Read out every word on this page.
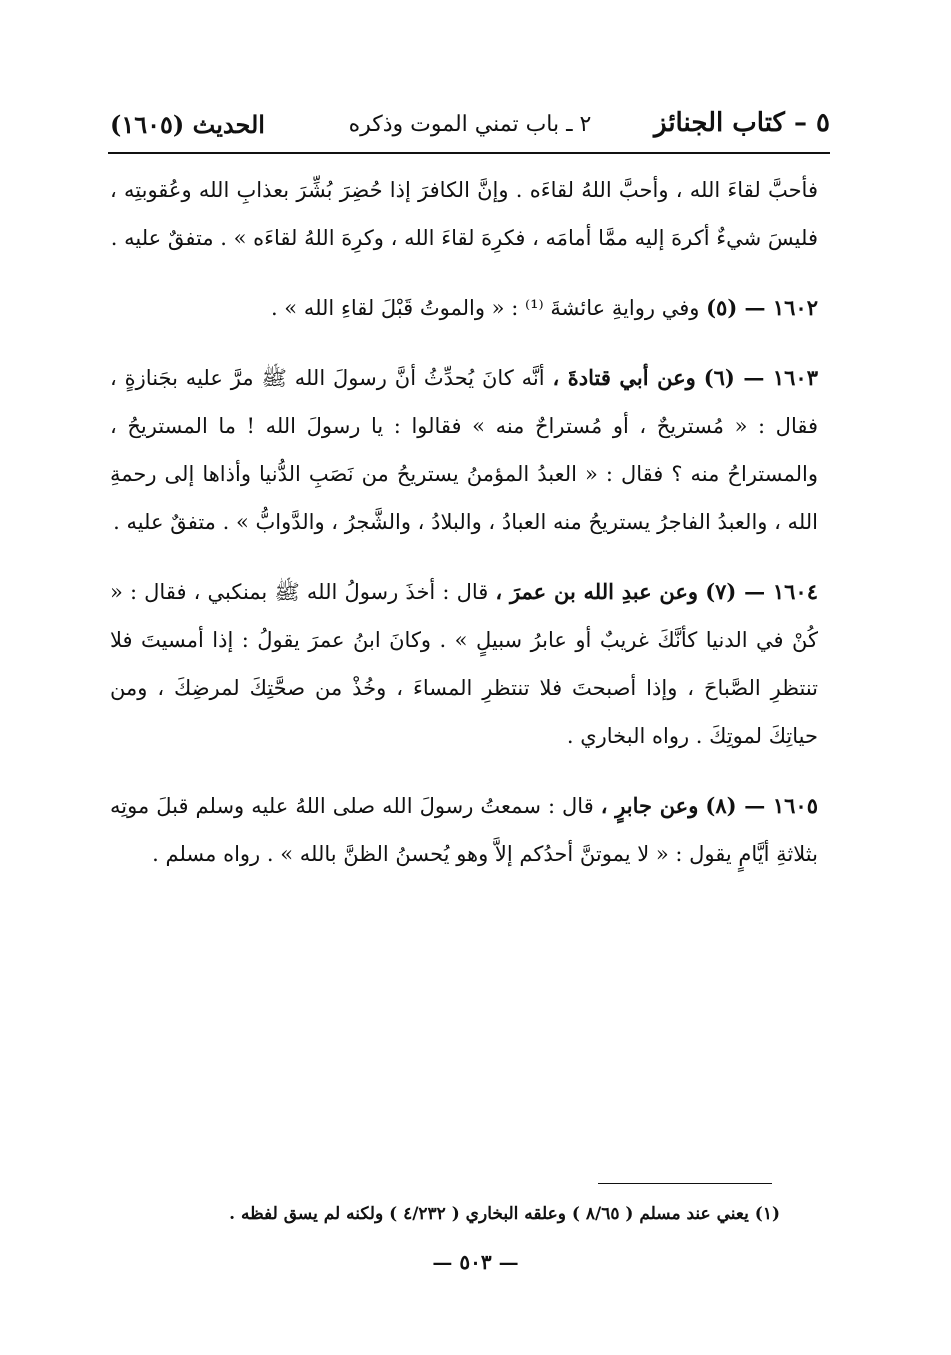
٥ – كتاب الجنائز
٢ ـ باب تمني الموت وذكره
الحديث (١٦٠٥)

فأحبَّ لقاءَ الله ، وأحبَّ اللهُ لقاءَه . وإنَّ الكافرَ إذا حُضِرَ بُشِّرَ بعذابِ الله وعُقوبتِه ، فليسَ شيءٌ أكرهَ إليه ممَّا أمامَه ، فكرِهَ لقاءَ الله ، وكرِهَ اللهُ لقاءَه » . متفقٌ عليه .

١٦٠٢ — (٥) وفي روايةِ عائشةَ ⁽¹⁾ : « والموتُ قَبْلَ لقاءِ الله » .

١٦٠٣ — (٦) وعن أبي قتادةَ ، أنَّه كانَ يُحدِّثُ أنَّ رسولَ الله ﷺ مرَّ عليه بجَنازةٍ ، فقال : « مُستريحٌ ، أو مُستراحٌ منه » فقالوا : يا رسولَ الله ! ما المستريحُ ، والمستراحُ منه ؟ فقال : « العبدُ المؤمنُ يستريحُ من نَصَبِ الدُّنيا وأذاها إلى رحمةِ الله ، والعبدُ الفاجرُ يستريحُ منه العبادُ ، والبلادُ ، والشَّجرُ ، والدَّوابُّ » . متفقٌ عليه .

١٦٠٤ — (٧) وعن عبدِ الله بن عمرَ ، قال : أخذَ رسولُ الله ﷺ بمنكبي ، فقال : « كُنْ في الدنيا كأنَّكَ غريبٌ أو عابرُ سبيلٍ » . وكانَ ابنُ عمرَ يقولُ : إذا أمسيتَ فلا تنتظرِ الصَّباحَ ، وإذا أصبحتَ فلا تنتظرِ المساءَ ، وخُذْ من صحَّتِكَ لمرضِكَ ، ومن حياتِكَ لموتِكَ . رواه البخاري .

١٦٠٥ — (٨) وعن جابرٍ ، قال : سمعتُ رسولَ الله صلى اللهُ عليه وسلم قبلَ موتِه بثلاثةِ أيَّامٍ يقول : « لا يموتنَّ أحدُكم إلاَّ وهو يُحسنُ الظنَّ بالله » . رواه مسلم .

(١) يعني عند مسلم ( ٨/٦٥ ) وعلقه البخاري ( ٤/٢٣٢ ) ولكنه لم يسق لفظه .
— ٥٠٣ —
